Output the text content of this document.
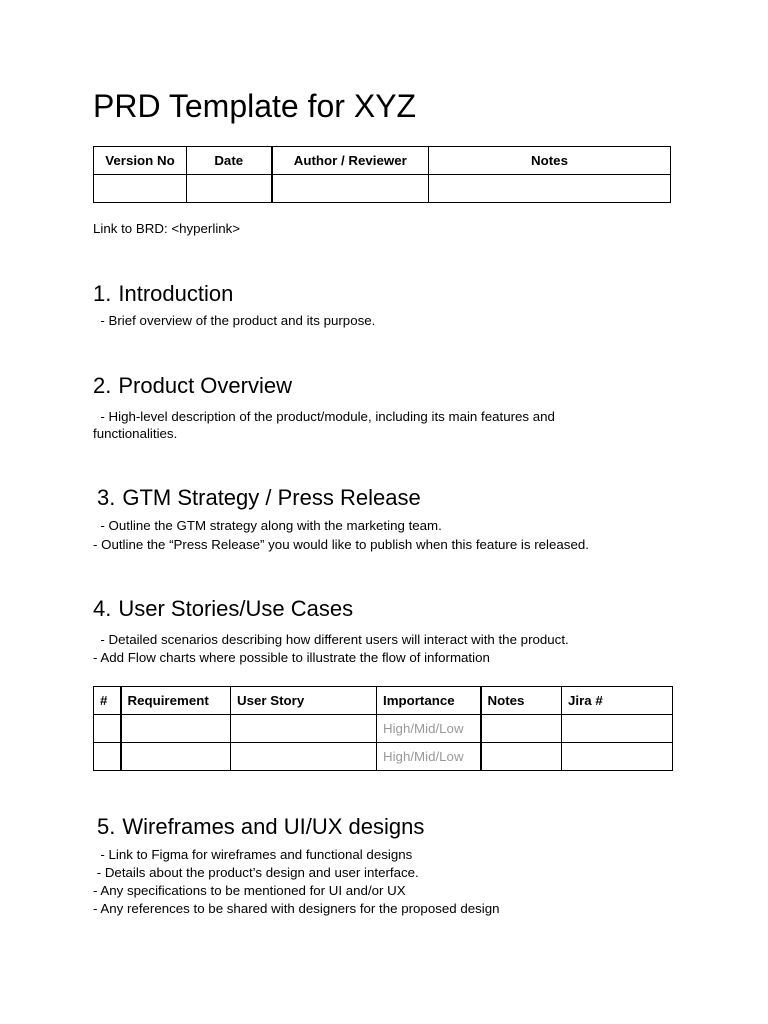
PRD Template for XYZ
Version No	Date	Author / Reviewer	Notes

Link to BRD: <hyperlink>
1. Introduction
- Brief overview of the product and its purpose.
2. Product Overview
- High-level description of the product/module, including its main features and
functionalities.
3. GTM Strategy / Press Release
- Outline the GTM strategy along with the marketing team.
- Outline the “Press Release” you would like to publish when this feature is released.
4. User Stories/Use Cases
- Detailed scenarios describing how different users will interact with the product.
- Add Flow charts where possible to illustrate the flow of information
#	Requirement	User Story	Importance	Notes	Jira #
			High/Mid/Low		
			High/Mid/Low		
5. Wireframes and UI/UX designs
- Link to Figma for wireframes and functional designs
- Details about the product’s design and user interface.
- Any specifications to be mentioned for UI and/or UX
- Any references to be shared with designers for the proposed design
